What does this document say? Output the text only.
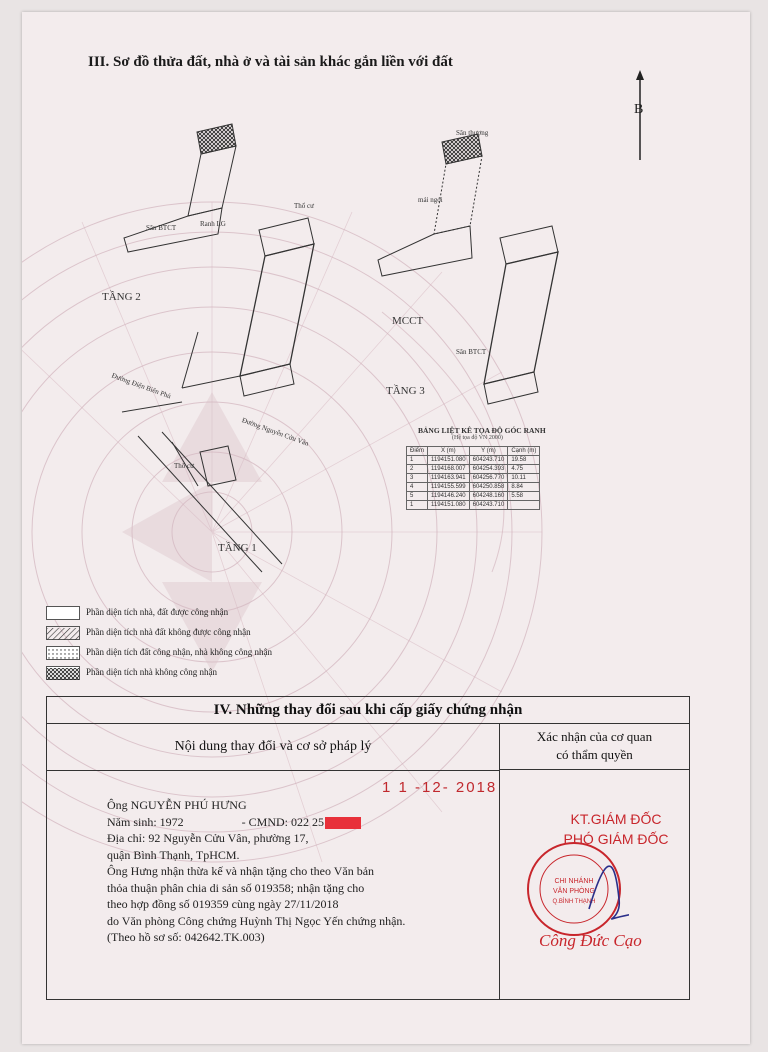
III. Sơ đồ thửa đất, nhà ở và tài sản khác gắn liền với đất
B
TẦNG 2
MCCT
TẦNG 3
TẦNG 1
Ranh LG
Thổ cư
Sân BTCT
Sân thượng
mái ngói
Sân BTCT
Đường Nguyễn Cửu Vân
Đường Điện Biên Phủ
Thổ cư
BẢNG LIỆT KÊ TỌA ĐỘ GÓC RANH
(Hệ tọa độ VN 2000)
Điểm	X (m)	Y (m)	Cạnh (m)
1	1194151.080	604243.710	19.58
2	1194168.007	604254.393	4.75
3	1194163.941	604256.770	10.11
4	1194155.599	604250.858	8.84
5	1194146.240	604248.160	5.58
1	1194151.080	604243.710	
Phần diện tích nhà, đất được công nhận
Phần diện tích nhà đất không được công nhận
Phần diện tích đất công nhận, nhà không công nhận
Phần diện tích nhà không công nhận
IV. Những thay đổi sau khi cấp giấy chứng nhận
Nội dung thay đổi và cơ sở pháp lý
Xác nhận của cơ quan
có thẩm quyền
1 1 -12- 2018
Ông NGUYỄN PHÚ HƯNG
Năm sinh: 1972	- CMND: 022 25
Địa chỉ: 92 Nguyễn Cửu Vân, phường 17,
quận Bình Thạnh, TpHCM.
Ông Hưng nhận thừa kế và nhận tặng cho theo Văn bản
thỏa thuận phân chia di sản số 019358; nhận tặng cho
theo hợp đồng số 019359 cùng ngày 27/11/2018
do Văn phòng Công chứng Huỳnh Thị Ngọc Yến chứng nhận.
(Theo hồ sơ số: 042642.TK.003)
KT.GIÁM ĐỐC
PHÓ GIÁM ĐỐC
CHI NHÁNH
VĂN PHÒNG
Q.BÌNH THẠNH
Công Đức Cạo
